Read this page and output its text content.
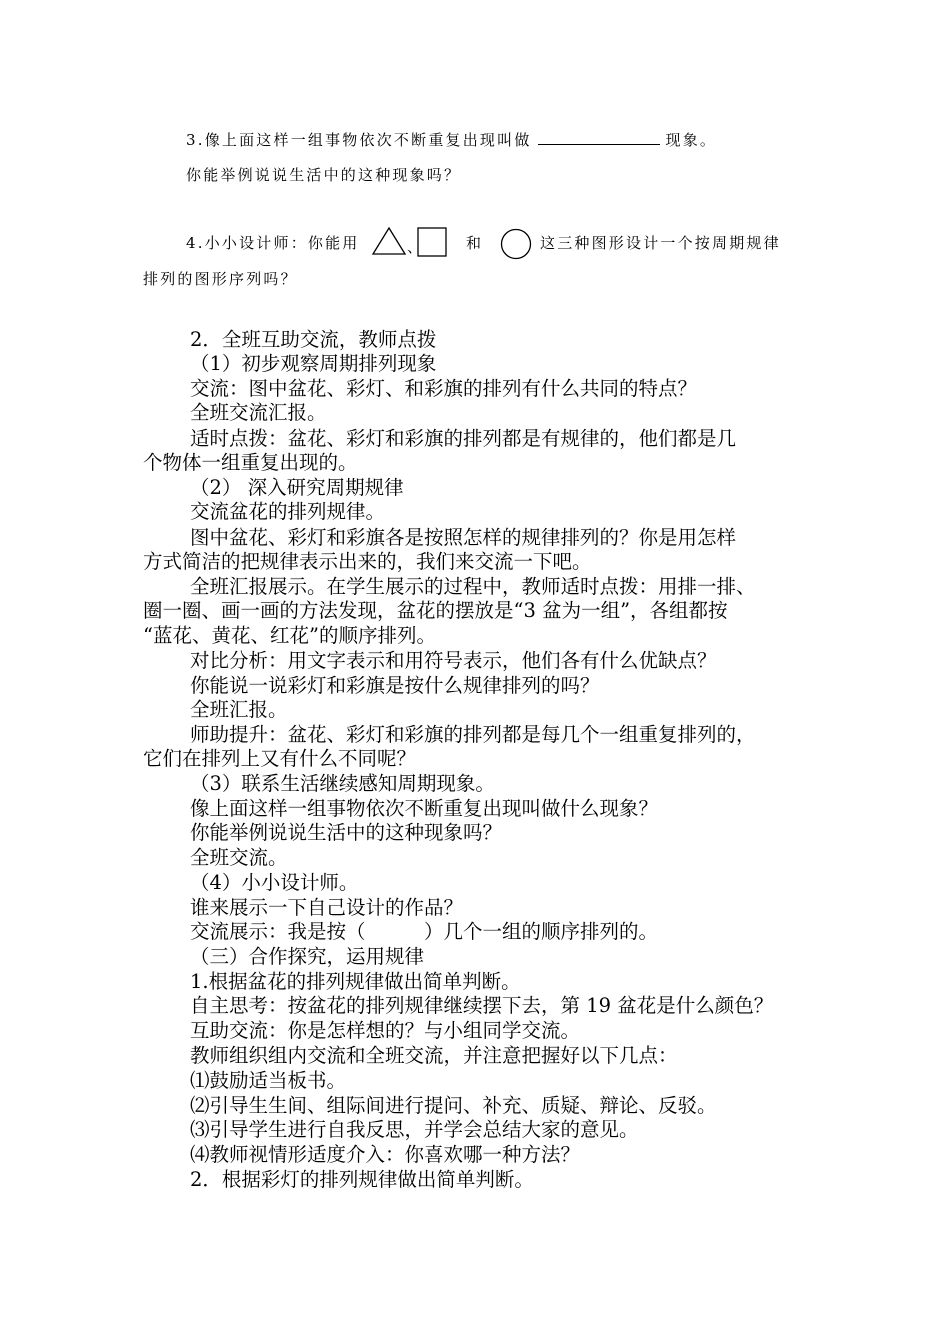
3.像上面这样一组事物依次不断重复出现叫做	现象。
你能举例说说生活中的这种现象吗？
4.小小设计师：你能用	、	和	这三种图形设计一个按周期规律
排列的图形序列吗？
2．全班互助交流，教师点拨
（1）初步观察周期排列现象
交流：图中盆花、彩灯、和彩旗的排列有什么共同的特点？
全班交流汇报。
适时点拨：盆花、彩灯和彩旗的排列都是有规律的，他们都是几
个物体一组重复出现的。
（2） 深入研究周期规律
交流盆花的排列规律。
图中盆花、彩灯和彩旗各是按照怎样的规律排列的？你是用怎样
方式简洁的把规律表示出来的，我们来交流一下吧。
全班汇报展示。在学生展示的过程中，教师适时点拨：用排一排、
圈一圈、画一画的方法发现，盆花的摆放是“3 盆为一组”，各组都按
“蓝花、黄花、红花”的顺序排列。
对比分析：用文字表示和用符号表示，他们各有什么优缺点？
你能说一说彩灯和彩旗是按什么规律排列的吗？
全班汇报。
师助提升：盆花、彩灯和彩旗的排列都是每几个一组重复排列的，
它们在排列上又有什么不同呢？
（3）联系生活继续感知周期现象。
像上面这样一组事物依次不断重复出现叫做什么现象？
你能举例说说生活中的这种现象吗？
全班交流。
（4）小小设计师。
谁来展示一下自己设计的作品？
交流展示：我是按（　　　）几个一组的顺序排列的。
（三）合作探究，运用规律
1.根据盆花的排列规律做出简单判断。
自主思考：按盆花的排列规律继续摆下去，第 19 盆花是什么颜色？
互助交流：你是怎样想的？与小组同学交流。
教师组织组内交流和全班交流，并注意把握好以下几点：
⑴鼓励适当板书。
⑵引导生生间、组际间进行提问、补充、质疑、辩论、反驳。
⑶引导学生进行自我反思，并学会总结大家的意见。
⑷教师视情形适度介入：你喜欢哪一种方法？
2．根据彩灯的排列规律做出简单判断。
